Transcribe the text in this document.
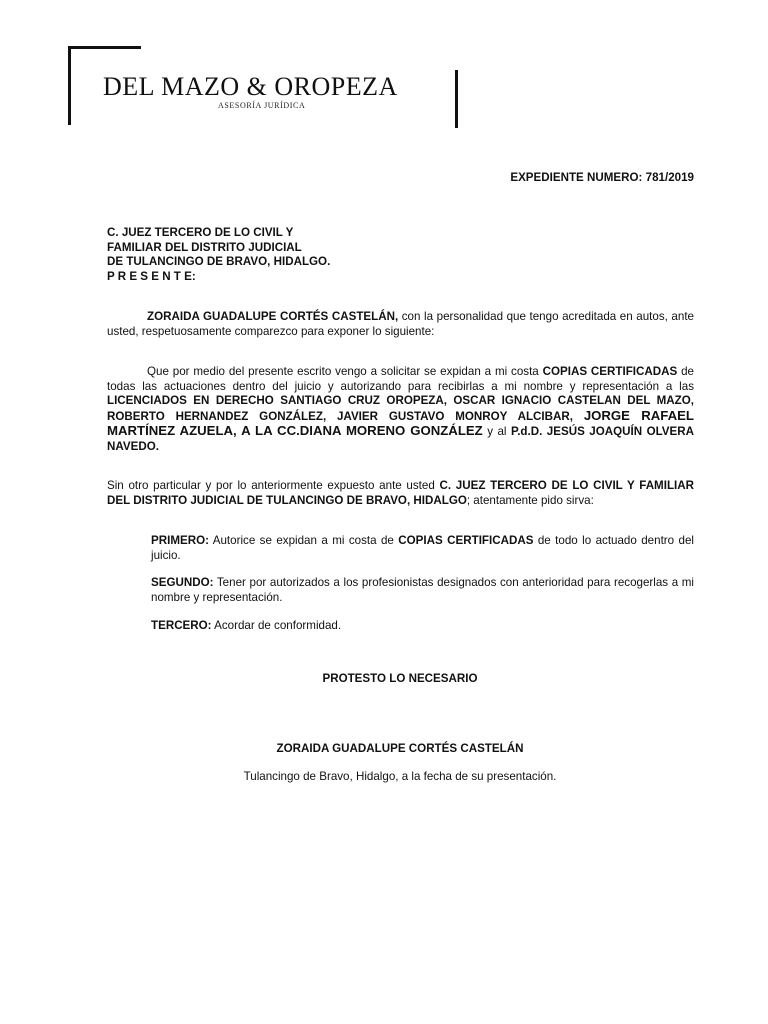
DEL MAZO & OROPEZA
ASESORÍA JURÍDICA
EXPEDIENTE NUMERO: 781/2019
C. JUEZ TERCERO DE LO CIVIL Y
FAMILIAR DEL DISTRITO JUDICIAL
DE TULANCINGO DE BRAVO, HIDALGO.
P R E S E N T E:
ZORAIDA GUADALUPE CORTÉS CASTELÁN, con la personalidad que tengo acreditada en autos, ante usted, respetuosamente comparezco para exponer lo siguiente:
Que por medio del presente escrito vengo a solicitar se expidan a mi costa COPIAS CERTIFICADAS de todas las actuaciones dentro del juicio y autorizando para recibirlas a mi nombre y representación a las LICENCIADOS EN DERECHO SANTIAGO CRUZ OROPEZA, OSCAR IGNACIO CASTELAN DEL MAZO, ROBERTO HERNANDEZ GONZÁLEZ, JAVIER GUSTAVO MONROY ALCIBAR, JORGE RAFAEL MARTÍNEZ AZUELA, A LA CC.DIANA MORENO GONZÁLEZ y al P.d.D. JESÚS JOAQUÍN OLVERA NAVEDO.
Sin otro particular y por lo anteriormente expuesto ante usted C. JUEZ TERCERO DE LO CIVIL Y FAMILIAR DEL DISTRITO JUDICIAL DE TULANCINGO DE BRAVO, HIDALGO; atentamente pido sirva:
PRIMERO: Autorice se expidan a mi costa de COPIAS CERTIFICADAS de todo lo actuado dentro del juicio.
SEGUNDO: Tener por autorizados a los profesionistas designados con anterioridad para recogerlas a mi nombre y representación.
TERCERO: Acordar de conformidad.
PROTESTO LO NECESARIO
ZORAIDA GUADALUPE CORTÉS CASTELÁN
Tulancingo de Bravo, Hidalgo, a la fecha de su presentación.
